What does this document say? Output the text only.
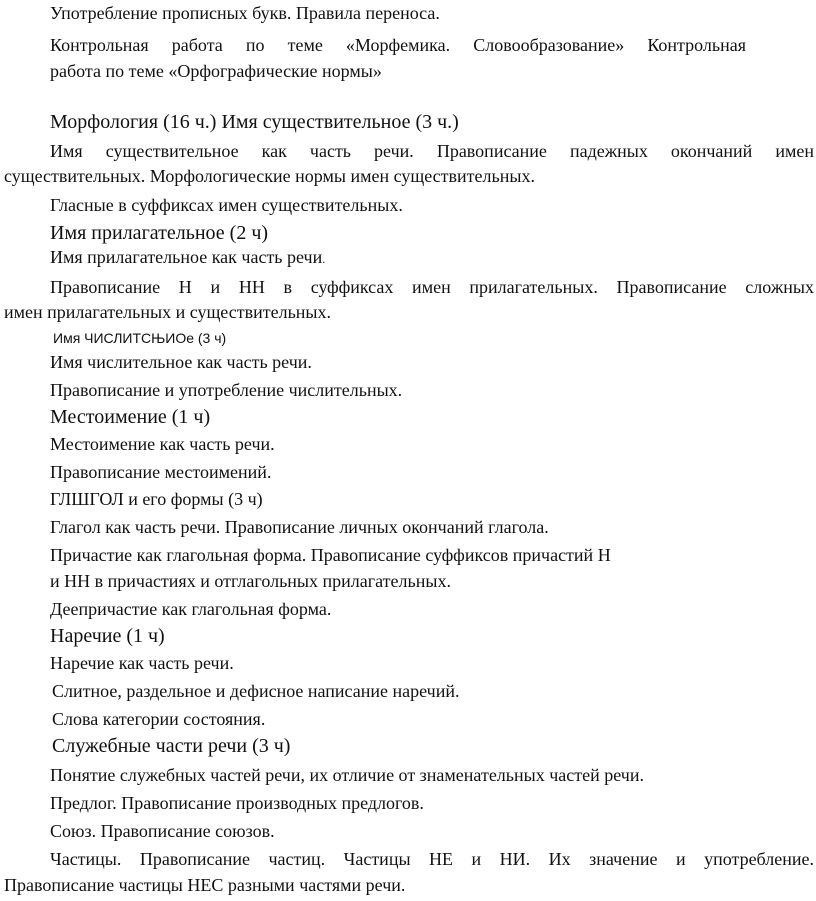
Употребление прописных букв. Правила переноса.

Контрольная работа по теме «Морфемика. Словообразование» Контрольная

работа по теме «Орфографические нормы»

Морфология (16 ч.) Имя существительное (3 ч.)

Имя существительное как часть речи. Правописание падежных окончаний имен

существительных. Морфологические нормы имен существительных.

Гласные в суффиксах имен существительных.

Имя прилагательное (2 ч)

Имя прилагательное как часть речи.

Правописание Н и НН в суффиксах имен прилагательных. Правописание сложных

имен прилагательных и существительных.

Имя ЧИСЛИТСЊИОе (3 ч)

Имя числительное как часть речи.

Правописание и употребление числительных.

Местоимение (1 ч)

Местоимение как часть речи.

Правописание местоимений.

ГЛШГОЛ и его формы (3 ч)

Глагол как часть речи. Правописание личных окончаний глагола.

Причастие как глагольная форма. Правописание суффиксов причастий Н

и НН в причастиях и отглагольных прилагательных.

Деепричастие как глагольная форма.

Наречие (1 ч)

Наречие как часть речи.

Слитное, раздельное и дефисное написание наречий.

Слова категории состояния.

Служебные части речи (3 ч)

Понятие служебных частей речи, их отличие от знаменательных частей речи.

Предлог. Правописание производных предлогов.

Союз. Правописание союзов.

Частицы. Правописание частиц. Частицы НЕ и НИ. Их значение и употребление.

Правописание частицы НЕС разными частями речи.
